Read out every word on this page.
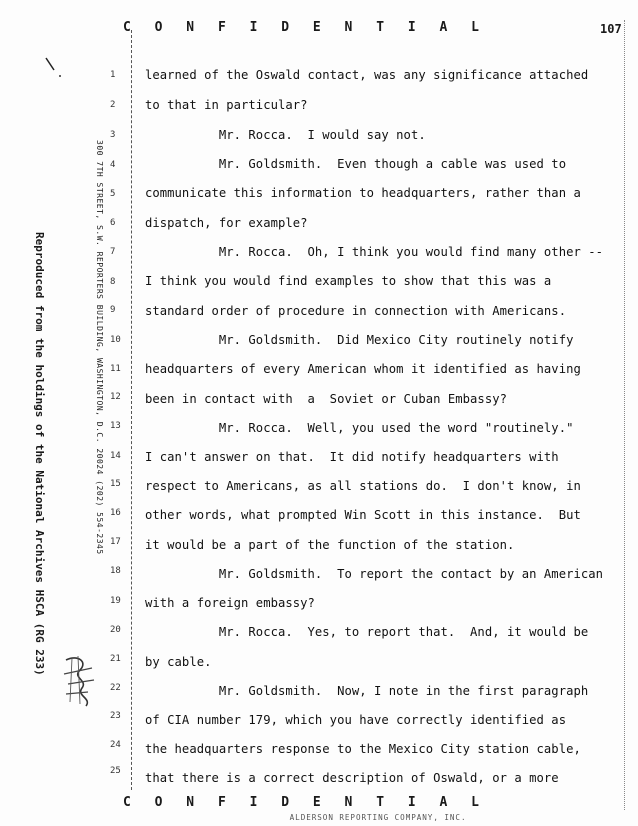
C O N F I D E N T I A L	107
Reproduced from the holdings of the National Archives HSCA (RG 233)	300 7TH STREET, S.W. REPORTERS BUILDING, WASHINGTON, D.C. 20024 (202) 554-2345
1
2
3
4
5
6
7
8
9
10
11
12
13
14
15
16
17
18
19
20
21
22
23
24
25
learned of the Oswald contact, was any significance attached
to that in particular?
Mr. Rocca.  I would say not.
Mr. Goldsmith.  Even though a cable was used to
communicate this information to headquarters, rather than a
dispatch, for example?
Mr. Rocca.  Oh, I think you would find many other --
I think you would find examples to show that this was a
standard order of procedure in connection with Americans.
Mr. Goldsmith.  Did Mexico City routinely notify
headquarters of every American whom it identified as having
been in contact with  a  Soviet or Cuban Embassy?
Mr. Rocca.  Well, you used the word "routinely."
I can't answer on that.  It did notify headquarters with
respect to Americans, as all stations do.  I don't know, in
other words, what prompted Win Scott in this instance.  But
it would be a part of the function of the station.
Mr. Goldsmith.  To report the contact by an American
with a foreign embassy?
Mr. Rocca.  Yes, to report that.  And, it would be
by cable.
Mr. Goldsmith.  Now, I note in the first paragraph
of CIA number 179, which you have correctly identified as
the headquarters response to the Mexico City station cable,
that there is a correct description of Oswald, or a more
C O N F I D E N T I A L
ALDERSON REPORTING COMPANY, INC.
